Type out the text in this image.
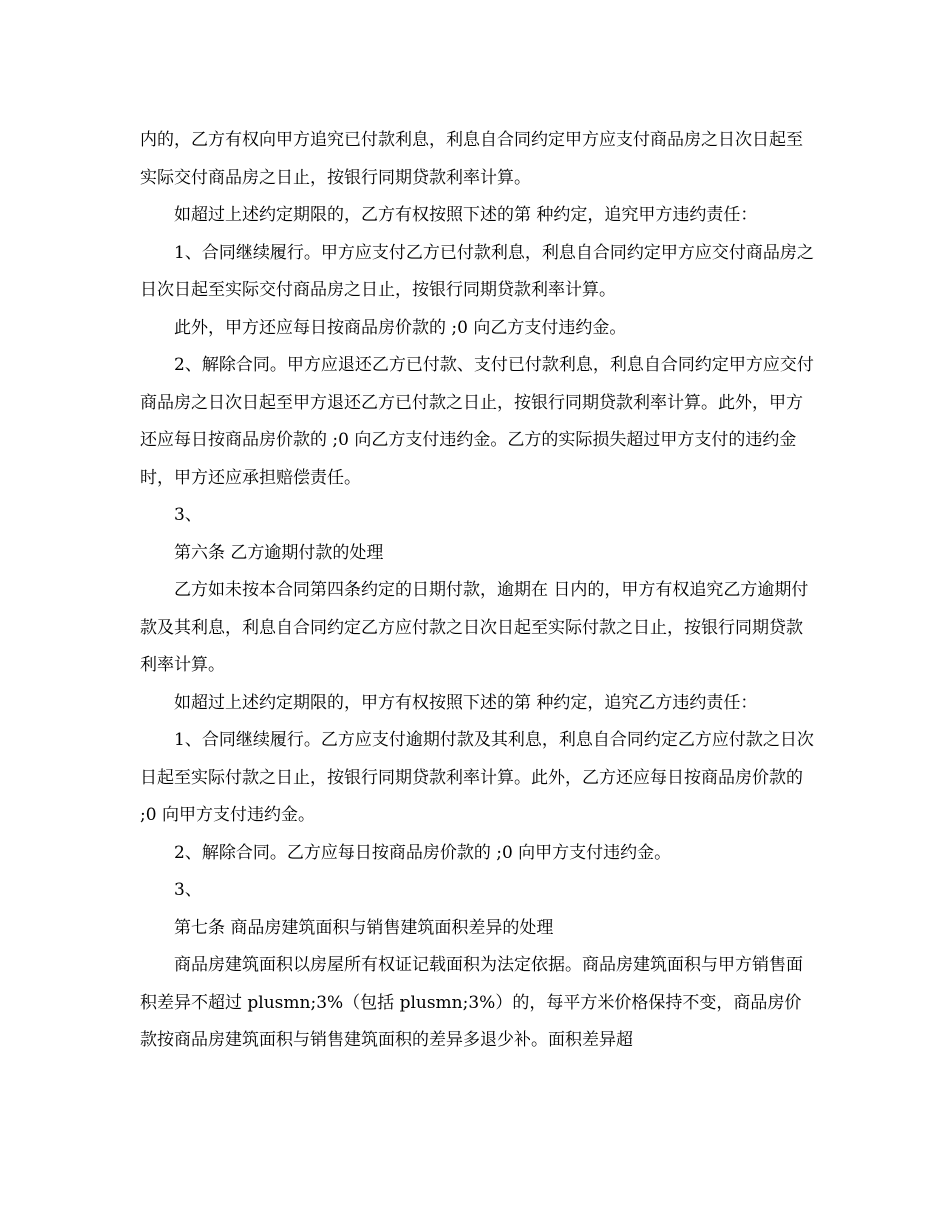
内的，乙方有权向甲方追究已付款利息，利息自合同约定甲方应支付商品房之日次日起至实际交付商品房之日止，按银行同期贷款利率计算。

如超过上述约定期限的，乙方有权按照下述的第 种约定，追究甲方违约责任：

1、合同继续履行。甲方应支付乙方已付款利息，利息自合同约定甲方应交付商品房之日次日起至实际交付商品房之日止，按银行同期贷款利率计算。

此外，甲方还应每日按商品房价款的 ;0 向乙方支付违约金。

2、解除合同。甲方应退还乙方已付款、支付已付款利息，利息自合同约定甲方应交付商品房之日次日起至甲方退还乙方已付款之日止，按银行同期贷款利率计算。此外，甲方还应每日按商品房价款的 ;0 向乙方支付违约金。乙方的实际损失超过甲方支付的违约金时，甲方还应承担赔偿责任。

3、

第六条 乙方逾期付款的处理

乙方如未按本合同第四条约定的日期付款，逾期在 日内的，甲方有权追究乙方逾期付款及其利息，利息自合同约定乙方应付款之日次日起至实际付款之日止，按银行同期贷款利率计算。

如超过上述约定期限的，甲方有权按照下述的第 种约定，追究乙方违约责任：

1、合同继续履行。乙方应支付逾期付款及其利息，利息自合同约定乙方应付款之日次日起至实际付款之日止，按银行同期贷款利率计算。此外，乙方还应每日按商品房价款的 ;0 向甲方支付违约金。

2、解除合同。乙方应每日按商品房价款的 ;0 向甲方支付违约金。

3、

第七条 商品房建筑面积与销售建筑面积差异的处理

商品房建筑面积以房屋所有权证记载面积为法定依据。商品房建筑面积与甲方销售面积差异不超过 plusmn;3%（包括 plusmn;3%）的，每平方米价格保持不变，商品房价款按商品房建筑面积与销售建筑面积的差异多退少补。面积差异超
